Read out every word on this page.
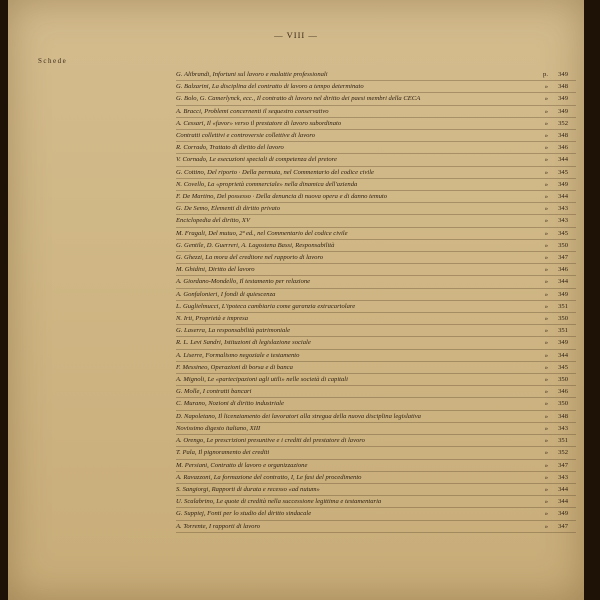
— VIII —
Schede
G. Alibrandi, Infortuni sul lavoro e malattie professionali	p. 349
G. Balzarini, La disciplina del contratto di lavoro a tempo determinato	» 348
G. Bolo, G. Camerlynck, ecc., Il contratto di lavoro nel diritto dei paesi membri della CECA	» 349
A. Bracci, Problemi concernenti il sequestro conservativo	» 349
A. Cessari, Il «favor» verso il prestatore di lavoro subordinato	» 352
Contratti collettivi e controversie collettive di lavoro	» 348
R. Corrado, Trattato di diritto del lavoro	» 346
V. Cornado, Le esecuzioni speciali di competenza del pretore	» 344
G. Cottino, Del riporto · Della permuta, nel Commentario del codice civile	» 345
N. Covello, La «proprietà commerciale» nella dinamica dell'azienda	» 349
F. De Martino, Del possesso · Della denuncia di nuova opera e di danno temuto	» 344
G. De Semo, Elementi di diritto privato	» 343
Enciclopedia del diritto, XV	» 343
M. Fragali, Del mutuo, 2ª ed., nel Commentario del codice civile	» 345
G. Gentile, D. Guerreri, A. Lagostena Bassi, Responsabilità	» 350
G. Ghezzi, La mora del creditore nel rapporto di lavoro	» 347
M. Ghidini, Diritto del lavoro	» 346
A. Giordano-Mondello, Il testamento per relazione	» 344
A. Gonfalonieri, I fondi di quiescenza	» 349
L. Guglielmucci, L'ipoteca cambiaria come garanzia extracartolare	» 351
N. Irti, Proprietà e impresa	» 350
G. Laserra, La responsabilità patrimoniale	» 351
R. L. Levi Sandri, Istituzioni di legislazione sociale	» 349
A. Liserre, Formalismo negoziale e testamento	» 344
F. Messineo, Operazioni di borsa e di banca	» 345
A. Mignoli, Le «partecipazioni agli utili» nelle società di capitali	» 350
G. Molle, I contratti bancari	» 346
C. Murano, Nozioni di diritto industriale	» 350
D. Napoletano, Il licenziamento dei lavoratori alla stregua della nuova disciplina legislativa	» 348
Novissimo digesto italiano, XIII	» 343
A. Orengo, Le prescrizioni presuntive e i crediti del prestatore di lavoro	» 351
T. Pala, Il pignoramento dei crediti	» 352
M. Persiani, Contratto di lavoro e organizzazione	» 347
A. Ravazzoni, La formazione del contratto, I, Le fasi del procedimento	» 343
S. Sangiorgi, Rapporti di durata e recesso «ad nutum»	» 344
U. Scalabrino, Le quote di credità nella successione legittima e testamentaria	» 344
G. Suppiej, Fonti per lo studio del diritto sindacale	» 349
A. Torrente, I rapporti di lavoro	» 347
